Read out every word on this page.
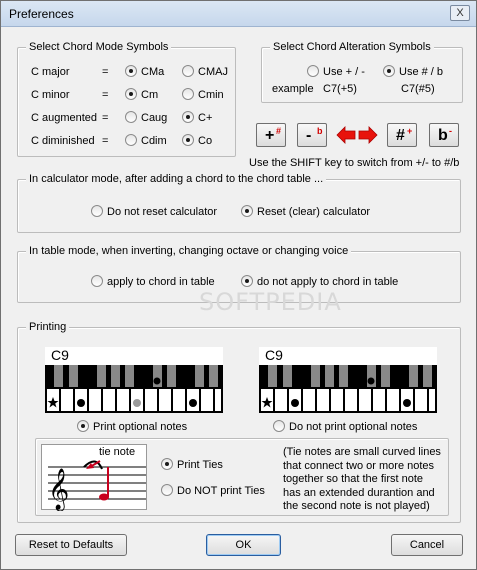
Preferences	X
Select Chord Mode Symbols
C major	=	CMa	CMAJ
C minor	=	Cm	Cmin
C augmented =	Caug	C+
C diminished =	Cdim	Co
Select Chord Alteration Symbols
Use + / -	Use # / b
example C7(+5)	C7(#5)
+ # - b	# + b -
Use the SHIFT key to switch from +/- to #/b
In calculator mode, after adding a chord to the chord table ...
Do not reset calculator	Reset (clear) calculator
In table mode, when inverting, changing octave or changing voice
apply to chord in table	do not apply to chord in table
Printing
C9
Print optional notes
C9
Do not print optional notes
tie note
𝄞
Print Ties
Do NOT print Ties
(Tie notes are small curved lines
that connect two or more notes
together so that the first note
has an extended durantion and
the second note is not played)
Reset to Defaults	OK	Cancel
SOFTPEDIA
